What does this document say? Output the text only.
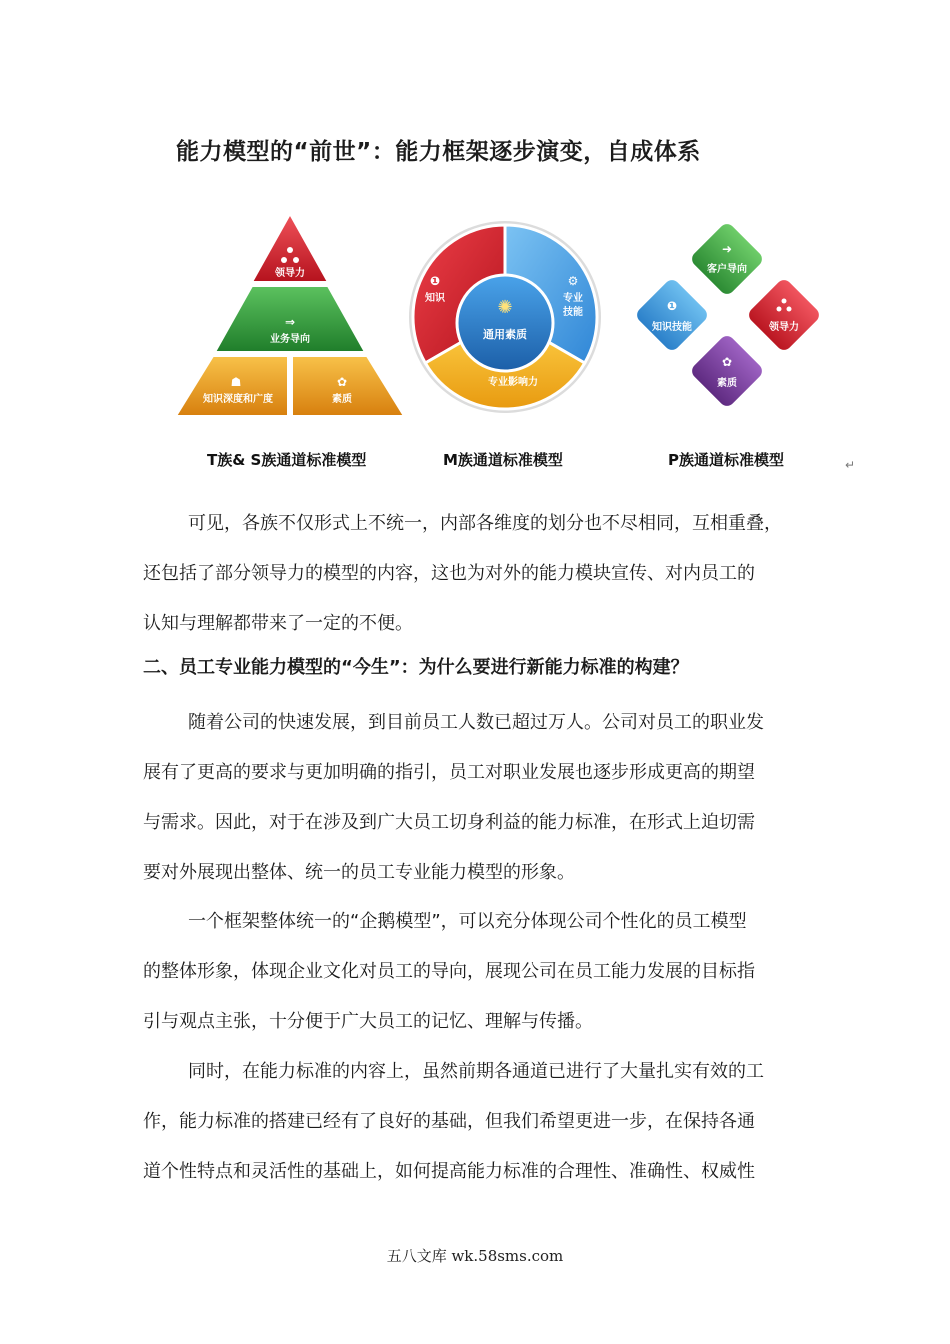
能力模型的“前世”：能力框架逐步演变，自成体系
领导力
⇒
业务导向
☗
知识深度和广度
✿
素质
✺
通用素质
❶
知识
⚙
专业
技能
专业影响力
➜
客户导向
❶
知识技能	领导力
✿
素质
T族& S族通道标准模型	M族通道标准模型	P族通道标准模型	↵
可见，各族不仅形式上不统一，内部各维度的划分也不尽相同，互相重叠，
还包括了部分领导力的模型的内容，这也为对外的能力模块宣传、对内员工的
认知与理解都带来了一定的不便。
二、员工专业能力模型的“今生”：为什么要进行新能力标准的构建？
随着公司的快速发展，到目前员工人数已超过万人。公司对员工的职业发
展有了更高的要求与更加明确的指引，员工对职业发展也逐步形成更高的期望
与需求。因此，对于在涉及到广大员工切身利益的能力标准，在形式上迫切需
要对外展现出整体、统一的员工专业能力模型的形象。
一个框架整体统一的“企鹅模型”，可以充分体现公司个性化的员工模型
的整体形象，体现企业文化对员工的导向，展现公司在员工能力发展的目标指
引与观点主张，十分便于广大员工的记忆、理解与传播。
同时，在能力标准的内容上，虽然前期各通道已进行了大量扎实有效的工
作，能力标准的搭建已经有了良好的基础，但我们希望更进一步，在保持各通
道个性特点和灵活性的基础上，如何提高能力标准的合理性、准确性、权威性
五八文库 wk.58sms.com
